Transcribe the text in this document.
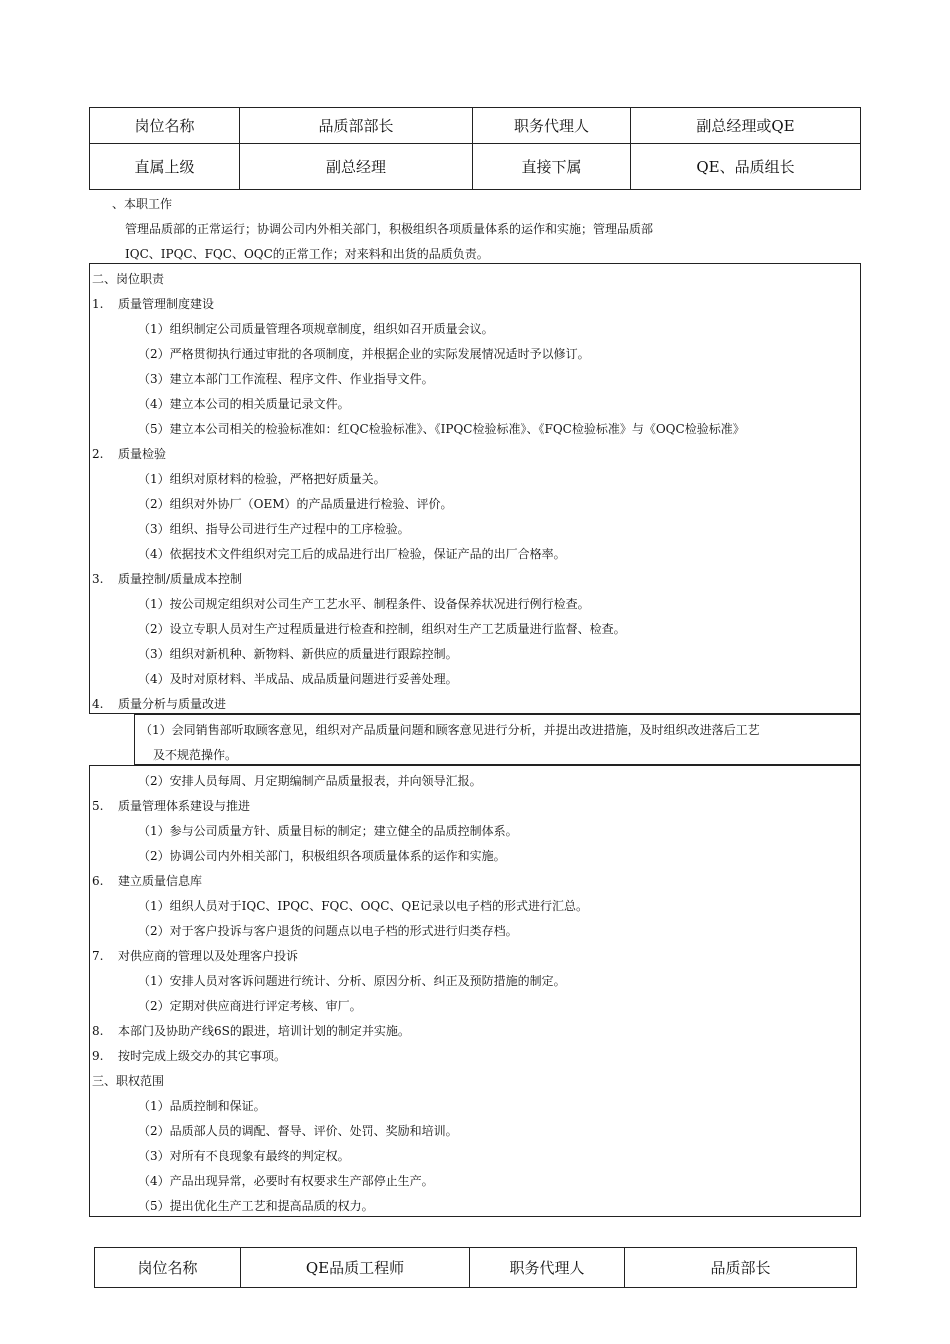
岗位名称	品质部部长	职务代理人	副总经理或QE
直属上级	副总经理	直接下属	QE、品质组长
、本职工作
管理品质部的正常运行；协调公司内外相关部门，积极组织各项质量体系的运作和实施；管理品质部
IQC、IPQC、FQC、OQC的正常工作；对来料和出货的品质负责。
二、岗位职责
1. 质量管理制度建设
（1）组织制定公司质量管理各项规章制度，组织如召开质量会议。
（2）严格贯彻执行通过审批的各项制度，并根据企业的实际发展情况适时予以修订。
（3）建立本部门工作流程、程序文件、作业指导文件。
（4）建立本公司的相关质量记录文件。
（5）建立本公司相关的检验标准如：红QC检验标准》、《IPQC检验标准》、《FQC检验标准》与《OQC检验标准》
2. 质量检验
（1）组织对原材料的检验，严格把好质量关。
（2）组织对外协厂（OEM）的产品质量进行检验、评价。
（3）组织、指导公司进行生产过程中的工序检验。
（4）依据技术文件组织对完工后的成品进行出厂检验，保证产品的出厂合格率。
3. 质量控制/质量成本控制
（1）按公司规定组织对公司生产工艺水平、制程条件、设备保养状况进行例行检查。
（2）设立专职人员对生产过程质量进行检查和控制，组织对生产工艺质量进行监督、检查。
（3）组织对新机种、新物料、新供应的质量进行跟踪控制。
（4）及时对原材料、半成品、成品质量问题进行妥善处理。
4. 质量分析与质量改进
（1）会同销售部听取顾客意见，组织对产品质量问题和顾客意见进行分析，并提出改进措施，及时组织改进落后工艺
及不规范操作。
（2）安排人员每周、月定期编制产品质量报表，并向领导汇报。
5. 质量管理体系建设与推进
（1）参与公司质量方针、质量目标的制定；建立健全的品质控制体系。
（2）协调公司内外相关部门，积极组织各项质量体系的运作和实施。
6. 建立质量信息库
（1）组织人员对于IQC、IPQC、FQC、OQC、QE记录以电子档的形式进行汇总。
（2）对于客户投诉与客户退货的问题点以电子档的形式进行归类存档。
7. 对供应商的管理以及处理客户投诉
（1）安排人员对客诉问题进行统计、分析、原因分析、纠正及预防措施的制定。
（2）定期对供应商进行评定考核、审厂。
8. 本部门及协助产线6S的跟进，培训计划的制定并实施。
9. 按时完成上级交办的其它事项。
三、职权范围
（1）品质控制和保证。
（2）品质部人员的调配、督导、评价、处罚、奖励和培训。
（3）对所有不良现象有最终的判定权。
（4）产品出现异常，必要时有权要求生产部停止生产。
（5）提出优化生产工艺和提高品质的权力。
岗位名称	QE品质工程师	职务代理人	品质部长
